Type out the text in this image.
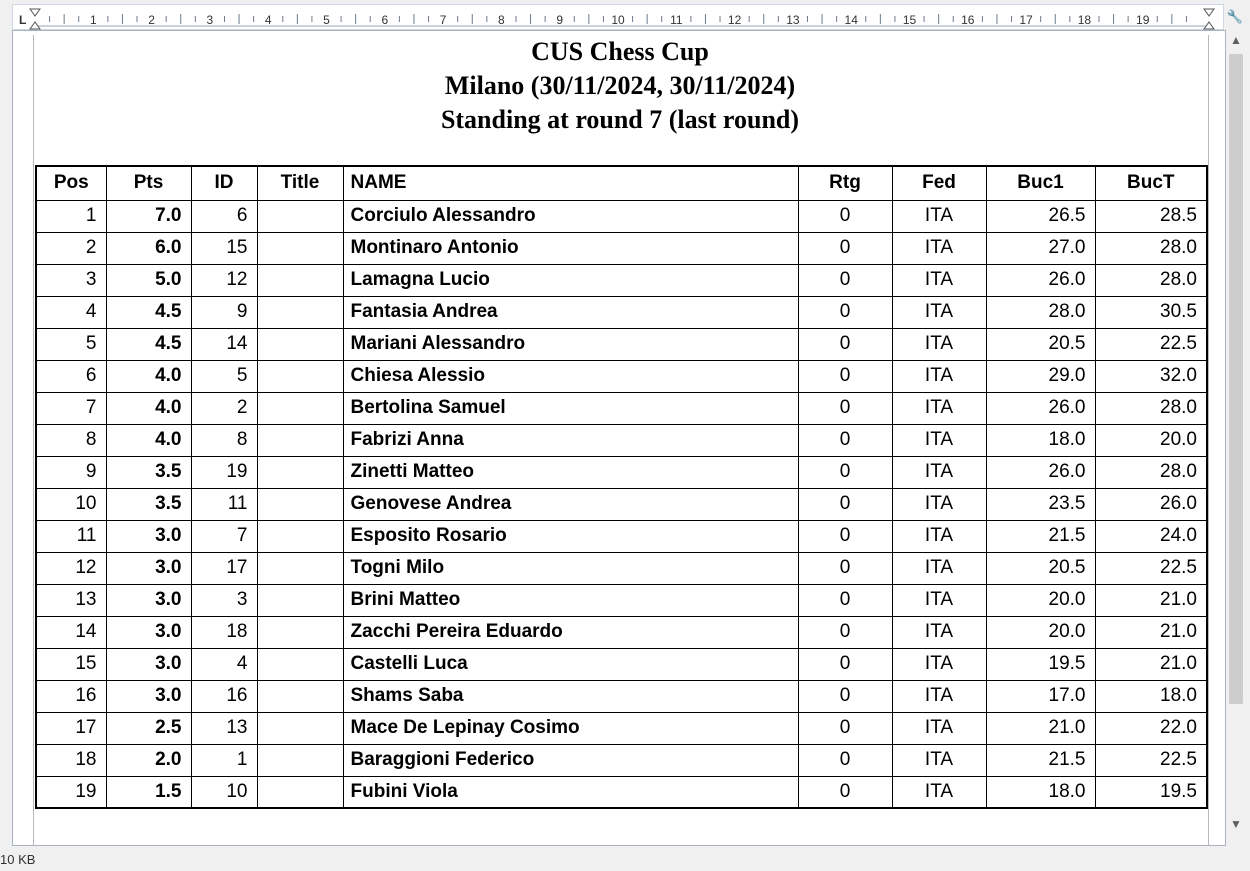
1	2	3	4	5	6	7	8	9	10	11	12	13	14	15	16	17	18	19
L	🔧
CUS Chess Cup
Milano (30/11/2024, 30/11/2024)
Standing at round 7 (last round)
Pos	Pts	ID	Title	NAME	Rtg	Fed	Buc1	BucT
1	7.0	6		Corciulo Alessandro	0	ITA	26.5	28.5
2	6.0	15		Montinaro Antonio	0	ITA	27.0	28.0
3	5.0	12		Lamagna Lucio	0	ITA	26.0	28.0
4	4.5	9		Fantasia Andrea	0	ITA	28.0	30.5
5	4.5	14		Mariani Alessandro	0	ITA	20.5	22.5
6	4.0	5		Chiesa Alessio	0	ITA	29.0	32.0
7	4.0	2		Bertolina Samuel	0	ITA	26.0	28.0
8	4.0	8		Fabrizi Anna	0	ITA	18.0	20.0
9	3.5	19		Zinetti Matteo	0	ITA	26.0	28.0
10	3.5	11		Genovese Andrea	0	ITA	23.5	26.0
11	3.0	7		Esposito Rosario	0	ITA	21.5	24.0
12	3.0	17		Togni Milo	0	ITA	20.5	22.5
13	3.0	3		Brini Matteo	0	ITA	20.0	21.0
14	3.0	18		Zacchi Pereira Eduardo	0	ITA	20.0	21.0
15	3.0	4		Castelli Luca	0	ITA	19.5	21.0
16	3.0	16		Shams Saba	0	ITA	17.0	18.0
17	2.5	13		Mace De Lepinay Cosimo	0	ITA	21.0	22.0
18	2.0	1		Baraggioni Federico	0	ITA	21.5	22.5
19	1.5	10		Fubini Viola	0	ITA	18.0	19.5
▲
▼
10 KB
